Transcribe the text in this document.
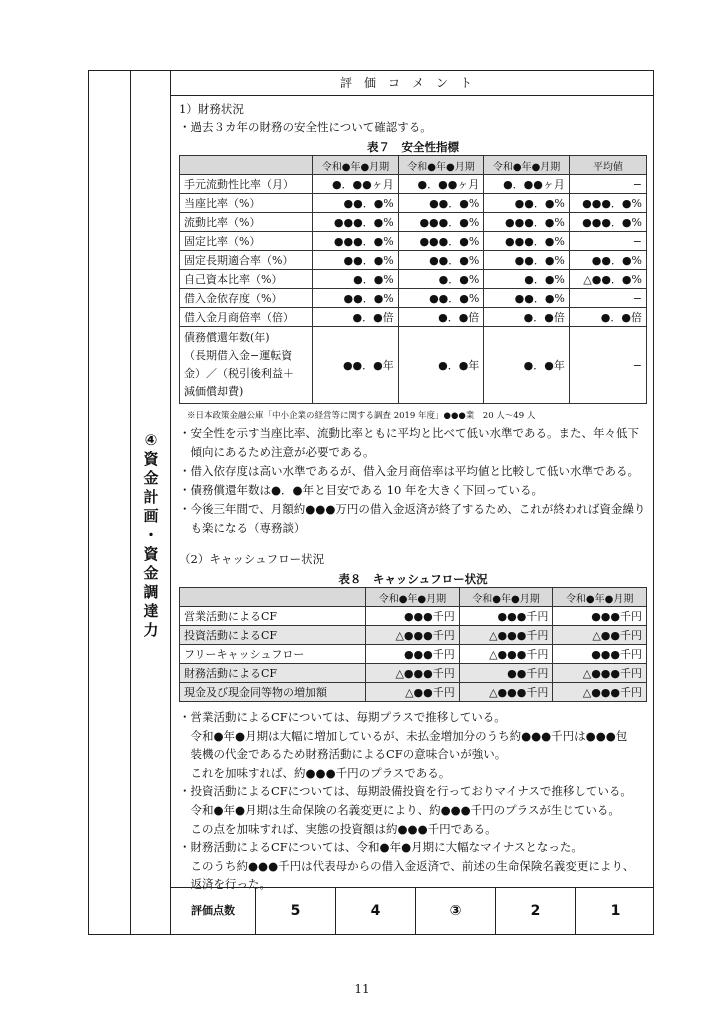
④
資
金
計
画
・
資
金
調
達
力
評価コメント
1）財務状況
・過去３カ年の財務の安全性について確認する。
表７　安全性指標
	令和●年●月期	令和●年●月期	令和●年●月期	平均値
手元流動性比率（月）	●．●●ヶ月	●．●●ヶ月	●．●●ヶ月	−
当座比率（%）	●●．●%	●●．●%	●●．●%	●●●．●%
流動比率（%）	●●●．●%	●●●．●%	●●●．●%	●●●．●%
固定比率（%）	●●●．●%	●●●．●%	●●●．●%	−
固定長期適合率（%）	●●．●%	●●．●%	●●．●%	●●．●%
自己資本比率（%）	●．●%	●．●%	●．●%	△●●．●%
借入金依存度（%）	●●．●%	●●．●%	●●．●%	−
借入金月商倍率（倍）	●．●倍	●．●倍	●．●倍	●．●倍

債務償還年数(年)
（長期借入金−運転資
金）／（税引後利益＋
減価償却費)	●●．●年	●．●年	●．●年	−
※日本政策金融公庫「中小企業の経営等に関する調査 2019 年度」●●●業　20 人〜49 人
・安全性を示す当座比率、流動比率ともに平均と比べて低い水準である。また、年々低下
　傾向にあるため注意が必要である。
・借入依存度は高い水準であるが、借入金月商倍率は平均値と比較して低い水準である。
・債務償還年数は●．●年と目安である 10 年を大きく下回っている。
・今後三年間で、月額約●●●万円の借入金返済が終了するため、これが終われば資金繰り
　も楽になる（専務談）
（2）キャッシュフロー状況
表８　キャッシュフロー状況
	令和●年●月期	令和●年●月期	令和●年●月期
営業活動によるCF	●●●千円	●●●千円	●●●千円
投資活動によるCF	△●●●千円	△●●●千円	△●●千円
フリーキャッシュフロー	●●●千円	△●●●千円	●●●千円
財務活動によるCF	△●●●千円	●●千円	△●●●千円
現金及び現金同等物の増加額	△●●千円	△●●●千円	△●●●千円
・営業活動によるCFについては、毎期プラスで推移している。
　令和●年●月期は大幅に増加しているが、未払金増加分のうち約●●●千円は●●●包
　装機の代金であるため財務活動によるCFの意味合いが強い。
　これを加味すれば、約●●●千円のプラスである。
・投資活動によるCFについては、毎期設備投資を行っておりマイナスで推移している。
　令和●年●月期は生命保険の名義変更により、約●●●千円のプラスが生じている。
　この点を加味すれば、実態の投資額は約●●●千円である。
・財務活動によるCFについては、令和●年●月期に大幅なマイナスとなった。
　このうち約●●●千円は代表母からの借入金返済で、前述の生命保険名義変更により、
　返済を行った。
評価点数	5	4	③	2	1
11
